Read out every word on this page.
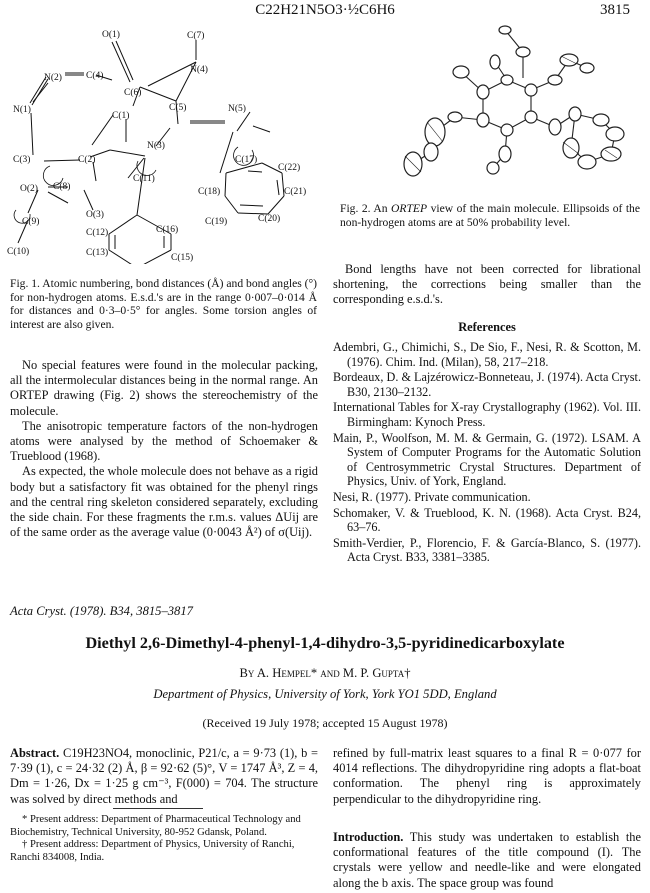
C22H21N5O3·½C6H6	3815
O(1)	C(7)
N(2)	C(4)
C(6)
N(4)
N(1)
C(1)
C(5)	N(5)
C(3)	C(2)
N(3)
C(17)
C(22)
O(2) C(8)
C(11)
C(18)	C(21)
C(9)
O(3)
C(12)	C(16)
C(19)	C(20)
C(10)	C(13)	C(15)
Fig. 2. An ORTEP view of the main molecule. Ellipsoids of the non-hydrogen atoms are at 50% probability level.
Fig. 1. Atomic numbering, bond distances (Å) and bond angles (°) for non-hydrogen atoms. E.s.d.'s are in the range 0·007–0·014 Å for distances and 0·3–0·5° for angles. Some torsion angles of interest are also given.

No special features were found in the molecular packing, all the intermolecular distances being in the normal range. An ORTEP drawing (Fig. 2) shows the stereochemistry of the molecule.

The anisotropic temperature factors of the non-hydrogen atoms were analysed by the method of Schoemaker & Trueblood (1968).

As expected, the whole molecule does not behave as a rigid body but a satisfactory fit was obtained for the phenyl rings and the central ring skeleton considered separately, excluding the side chain. For these fragments the r.m.s. values ΔUij are of the same order as the average value (0·0043 Å²) of σ(Uij).

Bond lengths have not been corrected for librational shortening, the corrections being smaller than the corresponding e.s.d.'s.

References

Adembri, G., Chimichi, S., De Sio, F., Nesi, R. & Scotton, M. (1976). Chim. Ind. (Milan), 58, 217–218.

Bordeaux, D. & Lajzérowicz-Bonneteau, J. (1974). Acta Cryst. B30, 2130–2132.

International Tables for X-ray Crystallography (1962). Vol. III. Birmingham: Kynoch Press.

Main, P., Woolfson, M. M. & Germain, G. (1972). LSAM. A System of Computer Programs for the Automatic Solution of Centrosymmetric Crystal Structures. Department of Physics, Univ. of York, England.

Nesi, R. (1977). Private communication.

Schomaker, V. & Trueblood, K. N. (1968). Acta Cryst. B24, 63–76.

Smith-Verdier, P., Florencio, F. & García-Blanco, S. (1977). Acta Cryst. B33, 3381–3385.

Acta Cryst. (1978). B34, 3815–3817
Diethyl 2,6-Dimethyl-4-phenyl-1,4-dihydro-3,5-pyridinedicarboxylate
By A. Hempel* and M. P. Gupta†
Department of Physics, University of York, York YO1 5DD, England
(Received 19 July 1978; accepted 15 August 1978)
Abstract. C19H23NO4, monoclinic, P21/c, a = 9·73 (1), b = 7·39 (1), c = 24·32 (2) Å, β = 92·62 (5)°, V = 1747 Å³, Z = 4, Dm = 1·26, Dx = 1·25 g cm⁻³, F(000) = 704. The structure was solved by direct methods and
refined by full-matrix least squares to a final R = 0·077 for 4014 reflections. The dihydropyridine ring adopts a flat-boat conformation. The phenyl ring is approximately perpendicular to the dihydropyridine ring.
Introduction. This study was undertaken to establish the conformational features of the title compound (I). The crystals were yellow and needle-like and were elongated along the b axis. The space group was found
* Present address: Department of Pharmaceutical Technology and Biochemistry, Technical University, 80-952 Gdansk, Poland.
† Present address: Department of Physics, University of Ranchi, Ranchi 834008, India.
